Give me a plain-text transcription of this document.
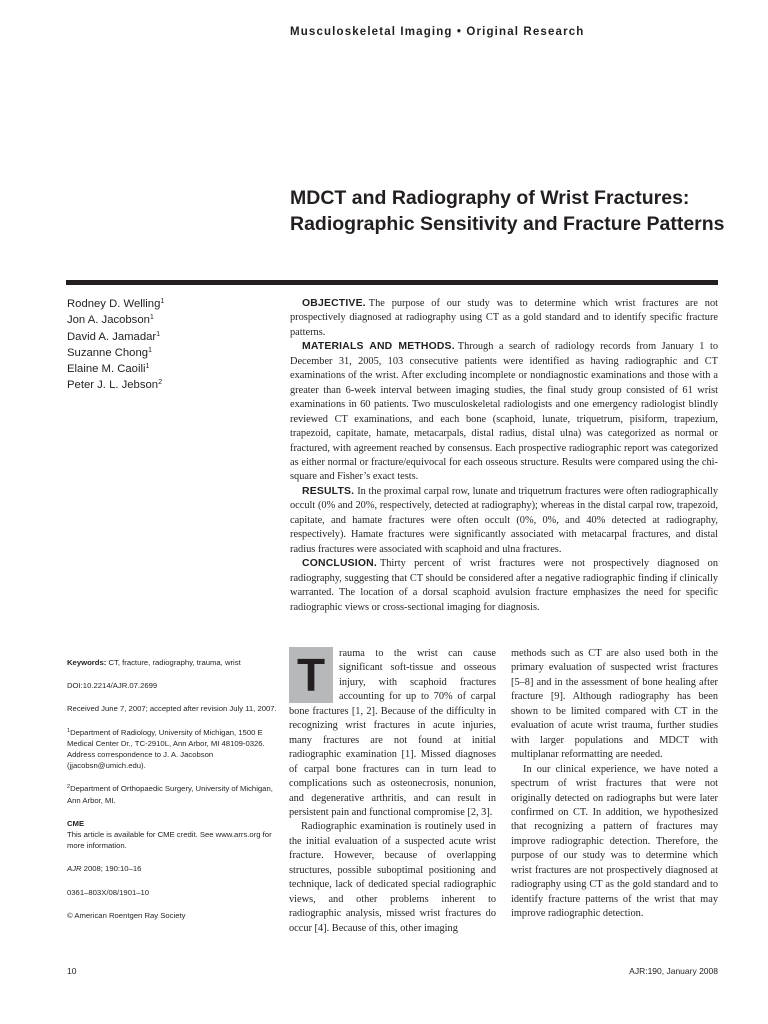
Musculoskeletal Imaging • Original Research
MDCT and Radiography of Wrist Fractures: Radiographic Sensitivity and Fracture Patterns
Rodney D. Welling$^1$
Jon A. Jacobson$^1$
David A. Jamadar$^1$
Suzanne Chong$^1$
Elaine M. Caoili$^1$
Peter J. L. Jebson$^2$

OBJECTIVE. The purpose of our study was to determine which wrist fractures are not prospectively diagnosed at radiography using CT as a gold standard and to identify specific fracture patterns.

MATERIALS AND METHODS. Through a search of radiology records from January 1 to December 31, 2005, 103 consecutive patients were identified as having radiographic and CT examinations of the wrist. After excluding incomplete or nondiagnostic examinations and those with a greater than 6-week interval between imaging studies, the final study group consisted of 61 wrist examinations in 60 patients. Two musculoskeletal radiologists and one emergency radiologist blindly reviewed CT examinations, and each bone (scaphoid, lunate, triquetrum, pisiform, trapezium, trapezoid, capitate, hamate, metacarpals, distal radius, distal ulna) was categorized as normal or fractured, with agreement reached by consensus. Each prospective radiographic report was categorized as either normal or fracture/equivocal for each osseous structure. Results were compared using the chi-square and Fisher’s exact tests.

RESULTS. In the proximal carpal row, lunate and triquetrum fractures were often radiographically occult (0% and 20%, respectively, detected at radiography); whereas in the distal carpal row, trapezoid, capitate, and hamate fractures were often occult (0%, 0%, and 40% detected at radiography, respectively). Hamate fractures were significantly associated with metacarpal fractures, and distal radius fractures were associated with scaphoid and ulna fractures.

CONCLUSION. Thirty percent of wrist fractures were not prospectively diagnosed on radiography, suggesting that CT should be considered after a negative radiographic finding if clinically warranted. The location of a dorsal scaphoid avulsion fracture emphasizes the need for specific radiographic views or cross-sectional imaging for diagnosis.

Keywords: CT, fracture, radiography, trauma, wrist
DOI:10.2214/AJR.07.2699
Received June 7, 2007; accepted after revision July 11, 2007.
$^1$Department of Radiology, University of Michigan, 1500 E Medical Center Dr., TC-2910L, Ann Arbor, MI 48109-0326. Address correspondence to J. A. Jacobson (jjacobsn@umich.edu).
$^2$Department of Orthopaedic Surgery, University of Michigan, Ann Arbor, MI.
CME
This article is available for CME credit. See www.arrs.org for more information.
AJR 2008; 190:10–16
0361–803X/08/1901–10
© American Roentgen Ray Society

T	rauma to the wrist can cause significant soft-tissue and osseous injury, with scaphoid fractures accounting for up to 70% of carpal bone fractures [1, 2]. Because of the difficulty in recognizing wrist fractures in acute injuries, many fractures are not found at initial radiographic examination [1]. Missed diagnoses of carpal bone fractures can in turn lead to complications such as osteonecrosis, nonunion, and degenerative arthritis, and can result in persistent pain and functional compromise [2, 3].

Radiographic examination is routinely used in the initial evaluation of a suspected acute wrist fracture. However, because of overlapping structures, possible suboptimal positioning and technique, lack of dedicated special radiographic views, and other problems inherent to radiographic analysis, missed wrist fractures do occur [4]. Because of this, other imaging

methods such as CT are also used both in the primary evaluation of suspected wrist fractures [5–8] and in the assessment of bone healing after fracture [9]. Although radiography has been shown to be limited compared with CT in the evaluation of acute wrist trauma, further studies with larger populations and MDCT with multiplanar reformatting are needed.

In our clinical experience, we have noted a spectrum of wrist fractures that were not originally detected on radiographs but were later confirmed on CT. In addition, we hypothesized that recognizing a pattern of fractures may improve radiographic detection. Therefore, the purpose of our study was to determine which wrist fractures are not prospectively diagnosed at radiography using CT as the gold standard and to identify fracture patterns of the wrist that may improve radiographic detection.

10	AJR:190, January 2008
